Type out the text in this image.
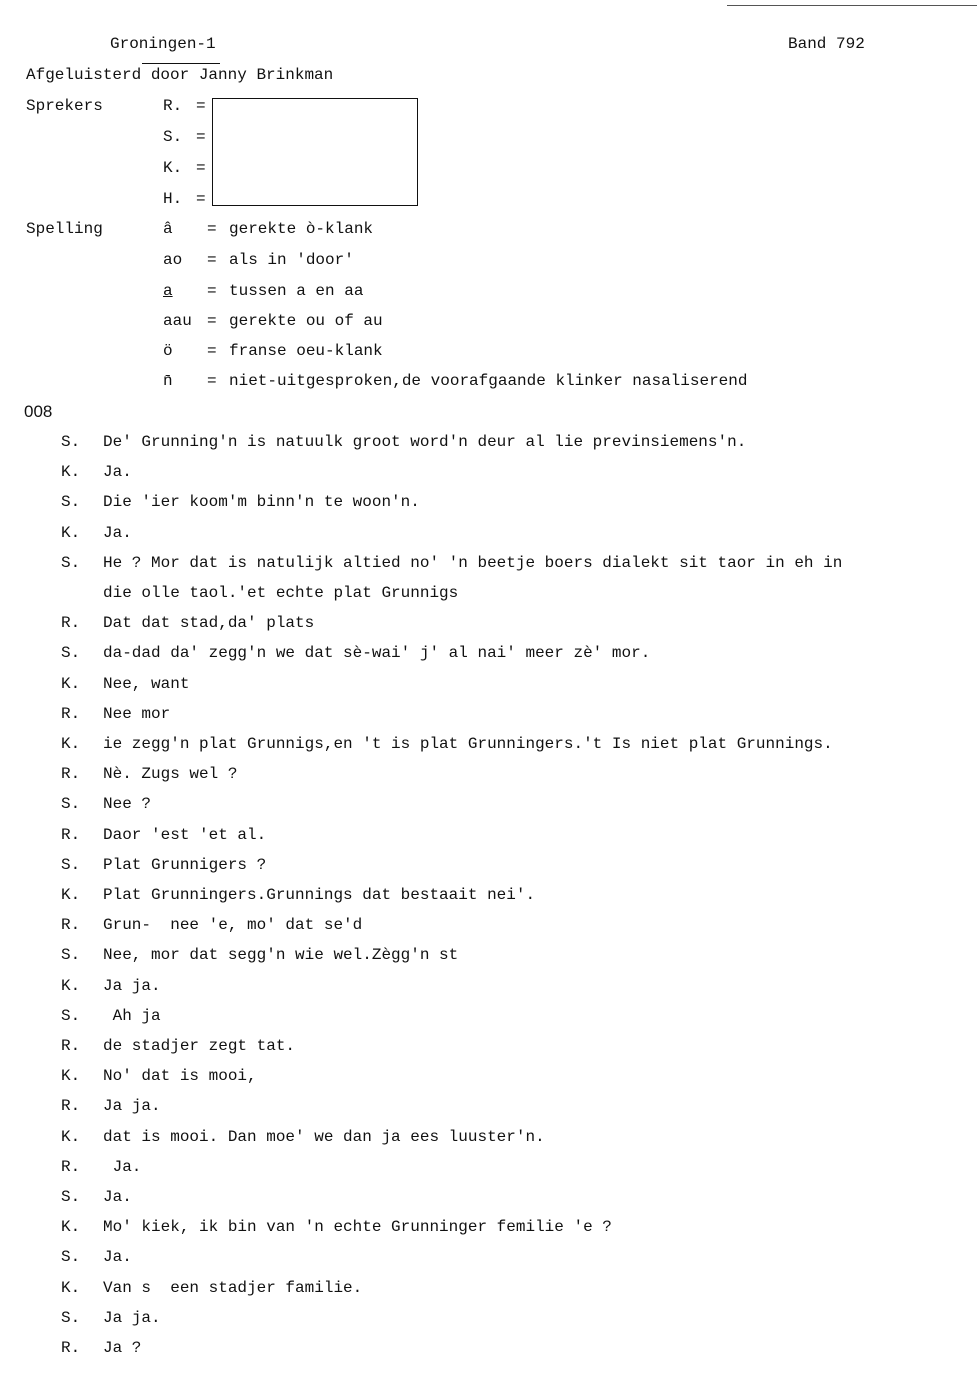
Groningen-1	Band 792
Afgeluisterd door Janny Brinkman
Sprekers	R. =
S. =
K. =
H. =
Spelling	â = gerekte ò-klank
ao = als in 'door'
a = tussen a en aa
aau = gerekte ou of au
ö = franse oeu-klank
n̄ = niet-uitgesproken,de voorafgaande klinker nasaliserend
008
S. De' Grunning'n is natuulk groot word'n deur al lie previnsiemens'n.
K. Ja.
S. Die 'ier koom'm binn'n te woon'n.
K. Ja.
S. He ? Mor dat is natulijk altied no' 'n beetje boers dialekt sit taor in eh in
die olle taol.'et echte plat Grunnigs
R. Dat dat stad,da' plats
S. da-dad da' zegg'n we dat sè-wai' j' al nai' meer zè' mor.
K. Nee, want
R. Nee mor
K. ie zegg'n plat Grunnigs,en 't is plat Grunningers.'t Is niet plat Grunnings.
R. Nè. Zugs wel ?
S. Nee ?
R. Daor 'est 'et al.
S. Plat Grunnigers ?
K. Plat Grunningers.Grunnings dat bestaait nei'.
R. Grun-  nee 'e, mo' dat se'd
S. Nee, mor dat segg'n wie wel.Zègg'n st
K. Ja ja.
S. Ah ja
R. de stadjer zegt tat.
K. No' dat is mooi,
R. Ja ja.
K. dat is mooi. Dan moe' we dan ja ees luuster'n.
R. Ja.
S. Ja.
K. Mo' kiek, ik bin van 'n echte Grunninger femilie 'e ?
S. Ja.
K. Van s  een stadjer familie.
S. Ja ja.
R. Ja ?
